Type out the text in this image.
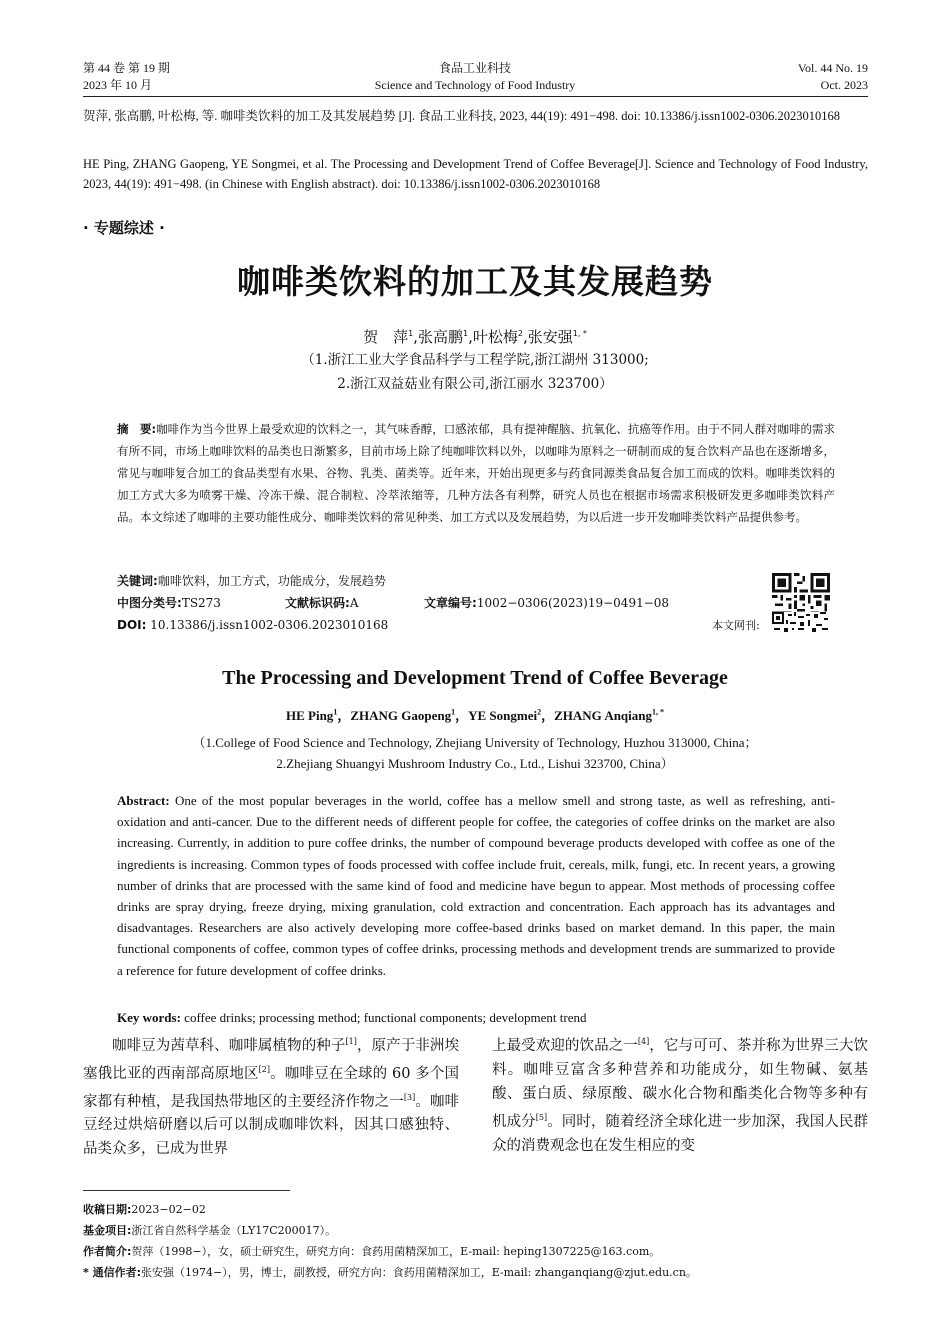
第 44 卷 第 19 期
2023 年 10 月
食品工业科技
Science and Technology of Food Industry
Vol. 44 No. 19
Oct. 2023
贺萍, 张高鹏, 叶松梅, 等. 咖啡类饮料的加工及其发展趋势 [J]. 食品工业科技, 2023, 44(19): 491−498. doi: 10.13386/j.issn1002-0306.2023010168
HE Ping, ZHANG Gaopeng, YE Songmei, et al. The Processing and Development Trend of Coffee Beverage[J]. Science and Technology of Food Industry, 2023, 44(19): 491−498. (in Chinese with English abstract). doi: 10.13386/j.issn1002-0306.2023010168
· 专题综述 ·
咖啡类饮料的加工及其发展趋势
贺　萍$^1$,张高鹏$^1$,叶松梅$^2$,张安强$^{1, *}$
（1.浙江工业大学食品科学与工程学院,浙江湖州 313000;
2.浙江双益菇业有限公司,浙江丽水 323700）
摘　要:咖啡作为当今世界上最受欢迎的饮料之一，其气味香醇，口感浓郁，具有提神醒脑、抗氧化、抗癌等作用。由于不同人群对咖啡的需求有所不同，市场上咖啡饮料的品类也日渐繁多，目前市场上除了纯咖啡饮料以外，以咖啡为原料之一研制而成的复合饮料产品也在逐渐增多，常见与咖啡复合加工的食品类型有水果、谷物、乳类、菌类等。近年来，开始出现更多与药食同源类食品复合加工而成的饮料。咖啡类饮料的加工方式大多为喷雾干燥、冷冻干燥、混合制粒、冷萃浓缩等，几种方法各有利弊，研究人员也在根据市场需求积极研发更多咖啡类饮料产品。本文综述了咖啡的主要功能性成分、咖啡类饮料的常见种类、加工方式以及发展趋势，为以后进一步开发咖啡类饮料产品提供参考。
关键词:咖啡饮料，加工方式，功能成分，发展趋势
中图分类号:TS273	文献标识码:A	文章编号:1002−0306(2023)19−0491−08
DOI: 10.13386/j.issn1002-0306.2023010168	本文网刊:
The Processing and Development Trend of Coffee Beverage
HE Ping$^1$，ZHANG Gaopeng$^1$，YE Songmei$^2$，ZHANG Anqiang$^{1, *}$
（1.College of Food Science and Technology, Zhejiang University of Technology, Huzhou 313000, China；
2.Zhejiang Shuangyi Mushroom Industry Co., Ltd., Lishui 323700, China）
Abstract: One of the most popular beverages in the world, coffee has a mellow smell and strong taste, as well as refreshing, anti-oxidation and anti-cancer. Due to the different needs of different people for coffee, the categories of coffee drinks on the market are also increasing. Currently, in addition to pure coffee drinks, the number of compound beverage products developed with coffee as one of the ingredients is increasing. Common types of foods processed with coffee include fruit, cereals, milk, fungi, etc. In recent years, a growing number of drinks that are processed with the same kind of food and medicine have begun to appear. Most methods of processing coffee drinks are spray drying, freeze drying, mixing granulation, cold extraction and concentration. Each approach has its advantages and disadvantages. Researchers are also actively developing more coffee-based drinks based on market demand. In this paper, the main functional components of coffee, common types of coffee drinks, processing methods and development trends are summarized to provide a reference for future development of coffee drinks.
Key words: coffee drinks; processing method; functional components; development trend
咖啡豆为茜草科、咖啡属植物的种子[1]，原产于非洲埃塞俄比亚的西南部高原地区[2]。咖啡豆在全球的 60 多个国家都有种植，是我国热带地区的主要经济作物之一[3]。咖啡豆经过烘焙研磨以后可以制成咖啡饮料，因其口感独特、品类众多，已成为世界
上最受欢迎的饮品之一[4]，它与可可、茶并称为世界三大饮料。咖啡豆富含多种营养和功能成分，如生物碱、氨基酸、蛋白质、绿原酸、碳水化合物和酯类化合物等多种有机成分[5]。同时，随着经济全球化进一步加深，我国人民群众的消费观念也在发生相应的变
收稿日期:2023−02−02
基金项目:浙江省自然科学基金（LY17C200017）。
作者简介:贺萍（1998−），女，硕士研究生，研究方向：食药用菌精深加工，E-mail: heping1307225@163.com。
* 通信作者:张安强（1974−），男，博士，副教授，研究方向：食药用菌精深加工，E-mail: zhanganqiang@zjut.edu.cn。
